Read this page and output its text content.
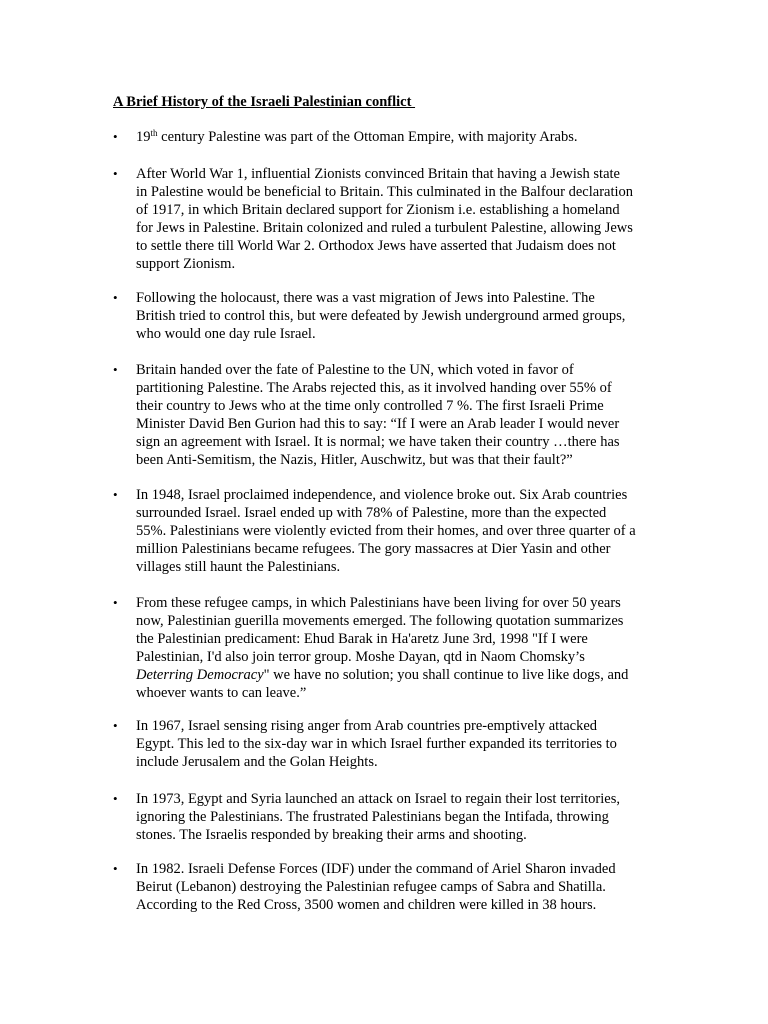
A Brief History of the Israeli Palestinian conflict
•	19th century Palestine was part of the Ottoman Empire, with majority Arabs.
•	After World War 1, influential Zionists convinced Britain that having a Jewish state
in Palestine would be beneficial to Britain. This culminated in the Balfour declaration
of 1917, in which Britain declared support for Zionism i.e. establishing a homeland
for Jews in Palestine. Britain colonized and ruled a turbulent Palestine, allowing Jews
to settle there till World War 2. Orthodox Jews have asserted that Judaism does not
support Zionism.
•	Following the holocaust, there was a vast migration of Jews into Palestine. The
British tried to control this, but were defeated by Jewish underground armed groups,
who would one day rule Israel.
•	Britain handed over the fate of Palestine to the UN, which voted in favor of
partitioning Palestine. The Arabs rejected this, as it involved handing over 55% of
their country to Jews who at the time only controlled 7 %. The first Israeli Prime
Minister David Ben Gurion had this to say: “If I were an Arab leader I would never
sign an agreement with Israel. It is normal; we have taken their country …there has
been Anti-Semitism, the Nazis, Hitler, Auschwitz, but was that their fault?”
•	In 1948, Israel proclaimed independence, and violence broke out. Six Arab countries
surrounded Israel. Israel ended up with 78% of Palestine, more than the expected
55%. Palestinians were violently evicted from their homes, and over three quarter of a
million Palestinians became refugees. The gory massacres at Dier Yasin and other
villages still haunt the Palestinians.
•	From these refugee camps, in which Palestinians have been living for over 50 years
now, Palestinian guerilla movements emerged. The following quotation summarizes
the Palestinian predicament: Ehud Barak in Ha'aretz June 3rd, 1998 "If I were
Palestinian, I'd also join terror group. Moshe Dayan, qtd in Naom Chomsky’s
Deterring Democracy" we have no solution; you shall continue to live like dogs, and
whoever wants to can leave.”
•	In 1967, Israel sensing rising anger from Arab countries pre-emptively attacked
Egypt. This led to the six-day war in which Israel further expanded its territories to
include Jerusalem and the Golan Heights.
•	In 1973, Egypt and Syria launched an attack on Israel to regain their lost territories,
ignoring the Palestinians. The frustrated Palestinians began the Intifada, throwing
stones. The Israelis responded by breaking their arms and shooting.
•	In 1982. Israeli Defense Forces (IDF) under the command of Ariel Sharon invaded
Beirut (Lebanon) destroying the Palestinian refugee camps of Sabra and Shatilla.
According to the Red Cross, 3500 women and children were killed in 38 hours.
